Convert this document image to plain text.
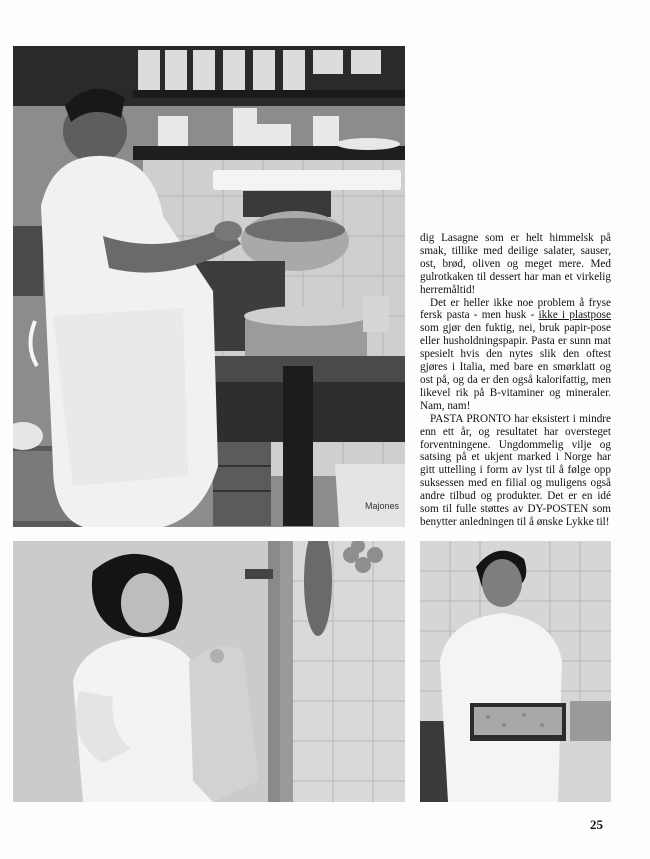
Majones

dig Lasagne som er helt himmelsk på smak, tillike med deilige salater, sauser, ost, brød, oliven og meget mere. Med gulrotkaken til dessert har man et virkelig herremåltid!

Det er heller ikke noe problem å fryse fersk pasta - men husk - ikke i plastpose som gjør den fuktig, nei, bruk papir-pose eller husholdningspapir. Pasta er sunn mat spesielt hvis den nytes slik den oftest gjøres i Italia, med bare en smørklatt og ost på, og da er den også kalorifattig, men likevel rik på B-vitaminer og mineraler. Nam, nam!

PASTA PRONTO har eksistert i mindre enn ett år, og resultatet har oversteget forventningene. Ungdommelig vilje og satsing på et ukjent marked i Norge har gitt uttelling i form av lyst til å følge opp suksessen med en filial og muligens også andre tilbud og produkter. Det er en idé som til fulle støttes av DY-POSTEN som benytter anledningen til å ønske Lykke til!

25
